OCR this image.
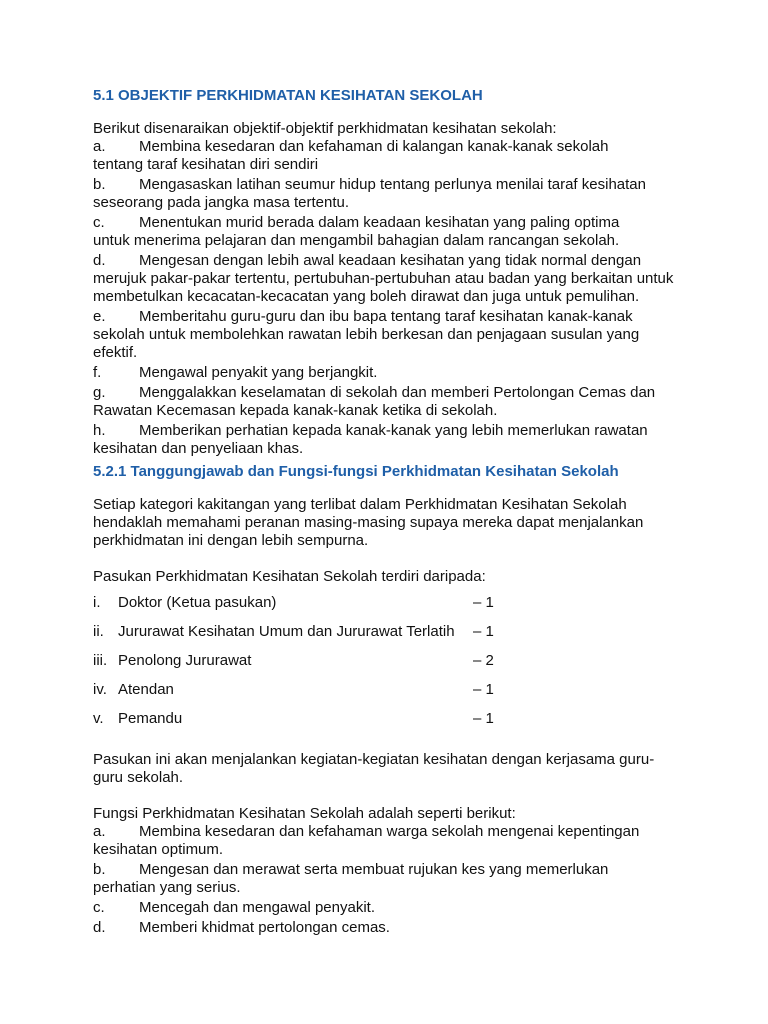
5.1 OBJEKTIF PERKHIDMATAN KESIHATAN SEKOLAH

Berikut disenaraikan objektif-objektif perkhidmatan kesihatan sekolah:

a. Membina kesedaran dan kefahaman di kalangan kanak-kanak sekolah
tentang taraf kesihatan diri sendiri

b. Mengasaskan latihan seumur hidup tentang perlunya menilai taraf kesihatan
seseorang pada jangka masa tertentu.

c. Menentukan murid berada dalam keadaan kesihatan yang paling optima
untuk menerima pelajaran dan mengambil bahagian dalam rancangan sekolah.

d. Mengesan dengan lebih awal keadaan kesihatan yang tidak normal dengan
merujuk pakar-pakar tertentu, pertubuhan-pertubuhan atau badan yang berkaitan untuk membetulkan kecacatan-kecacatan yang boleh dirawat dan juga untuk pemulihan.

e. Memberitahu guru-guru dan ibu bapa tentang taraf kesihatan kanak-kanak
sekolah untuk membolehkan rawatan lebih berkesan dan penjagaan susulan yang efektif.

f.	Mengawal penyakit yang berjangkit.

g. Menggalakkan keselamatan di sekolah dan memberi Pertolongan Cemas dan
Rawatan Kecemasan kepada kanak-kanak ketika di sekolah.

h. Memberikan perhatian kepada kanak-kanak yang lebih memerlukan rawatan
kesihatan dan penyeliaan khas.

5.2.1 Tanggungjawab dan Fungsi-fungsi Perkhidmatan Kesihatan Sekolah

Setiap kategori kakitangan yang terlibat dalam Perkhidmatan Kesihatan Sekolah hendaklah memahami peranan masing-masing supaya mereka dapat menjalankan perkhidmatan ini dengan lebih sempurna.

Pasukan Perkhidmatan Kesihatan Sekolah terdiri daripada:

i.	Doktor (Ketua pasukan)	– 1
ii.	Jururawat Kesihatan Umum dan Jururawat Terlatih	– 1
iii.	Penolong Jururawat	– 2
iv.	Atendan	– 1
v.	Pemandu	– 1

Pasukan ini akan menjalankan kegiatan-kegiatan kesihatan dengan kerjasama guru-guru sekolah.

Fungsi Perkhidmatan Kesihatan Sekolah adalah seperti berikut:

a. Membina kesedaran dan kefahaman warga sekolah mengenai kepentingan
kesihatan optimum.

b. Mengesan dan merawat serta membuat rujukan kes yang memerlukan
perhatian yang serius.

c. Mencegah dan mengawal penyakit.

d. Memberi khidmat pertolongan cemas.
